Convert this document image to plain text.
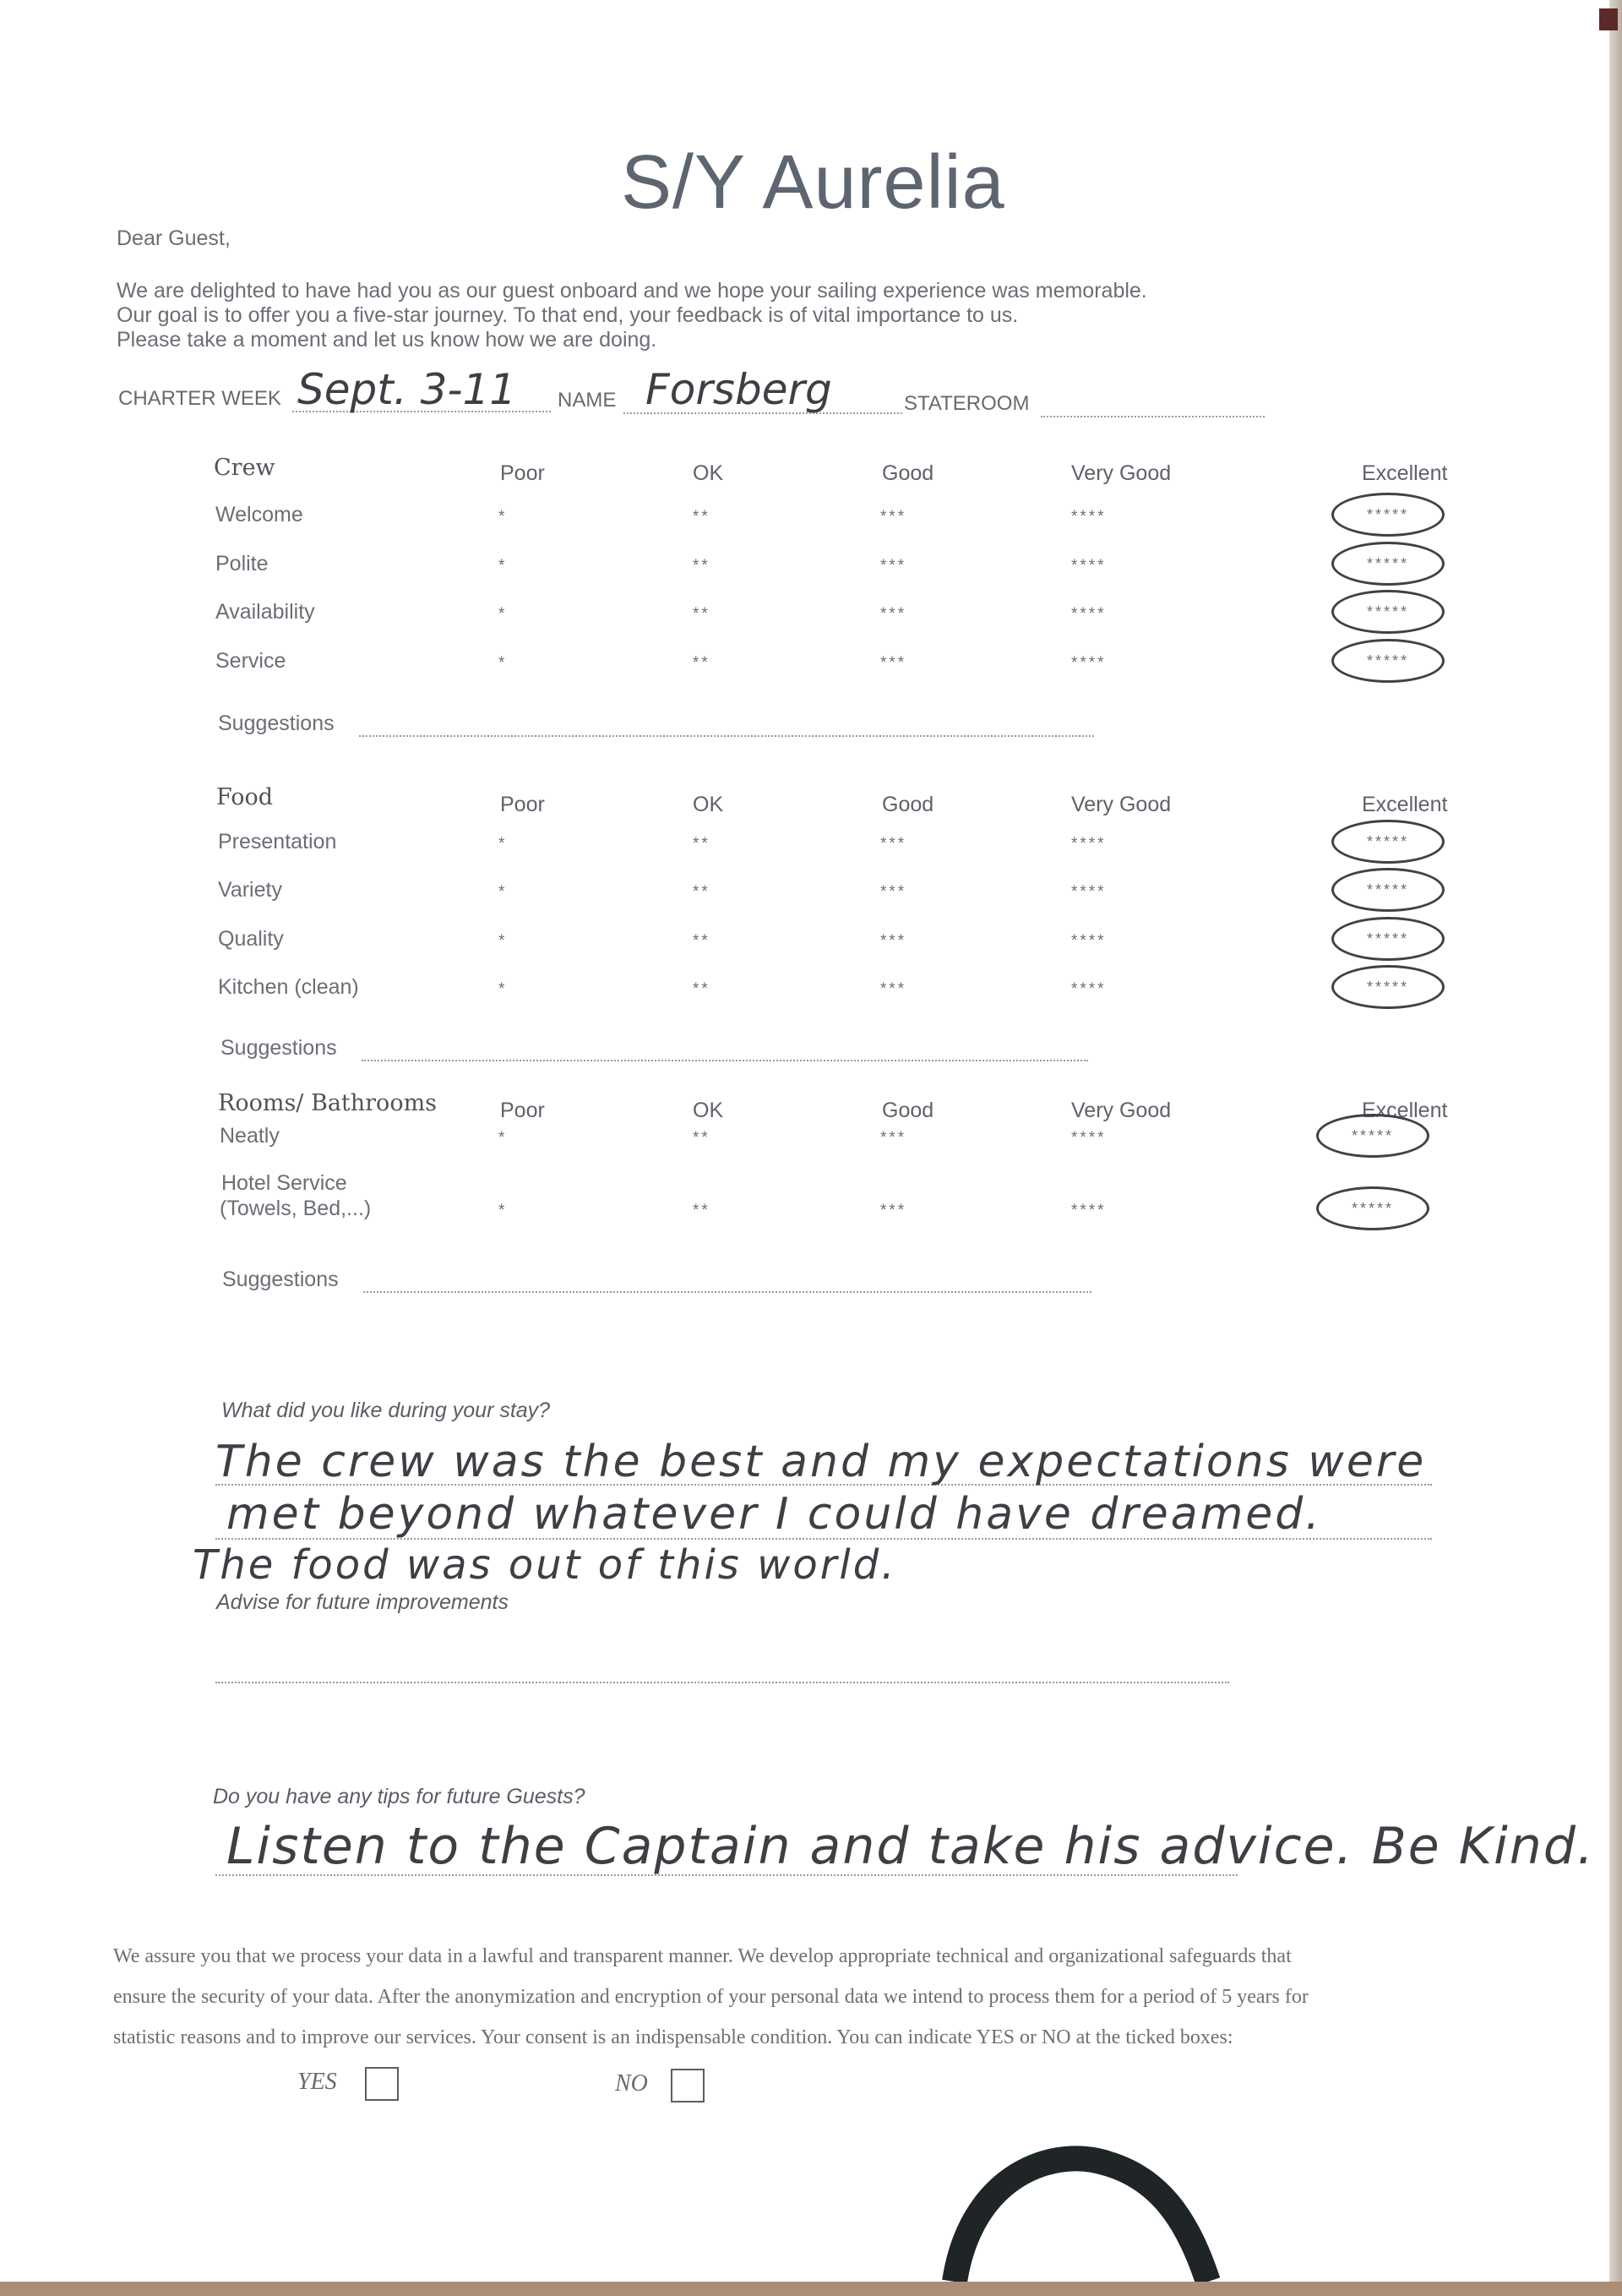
S/Y Aurelia
Dear Guest,
We are delighted to have had you as our guest onboard and we hope your sailing experience was memorable.
Our goal is to offer you a five-star journey. To that end, your feedback is of vital importance to us.
Please take a moment and let us know how we are doing.
CHARTER WEEK Sept. 3-11 NAME Forsberg	STATEROOM
Crew	Poor	OK	Good	Very Good	Excellent
Welcome	*	**	***	****	*****
Polite	*	**	***	****	*****
Availability	*	**	***	****	*****
Service	*	**	***	****	*****
Suggestions
Food	Poor	OK	Good	Very Good	Excellent
Presentation	*	**	***	****	*****
Variety	*	**	***	****	*****
Quality	*	**	***	****	*****
Kitchen (clean)	*	**	***	****	*****
Suggestions
Rooms/ Bathrooms	Poor	OK	Good	Very Good	Excellent
Neatly	*	**	***	****	*****
Hotel Service
(Towels, Bed,...)	*	**	***	****	*****
Suggestions
What did you like during your stay?
The crew was the best and my expectations were
met beyond whatever I could have dreamed.
The food was out of this world.
Advise for future improvements
Do you have any tips for future Guests?
Listen to the Captain and take his advice. Be Kind.
We assure you that we process your data in a lawful and transparent manner. We develop appropriate technical and organizational safeguards that
ensure the security of your data. After the anonymization and encryption of your personal data we intend to process them for a period of 5 years for
statistic reasons and to improve our services. Your consent is an indispensable condition. You can indicate YES or NO at the ticked boxes:
YES	NO
